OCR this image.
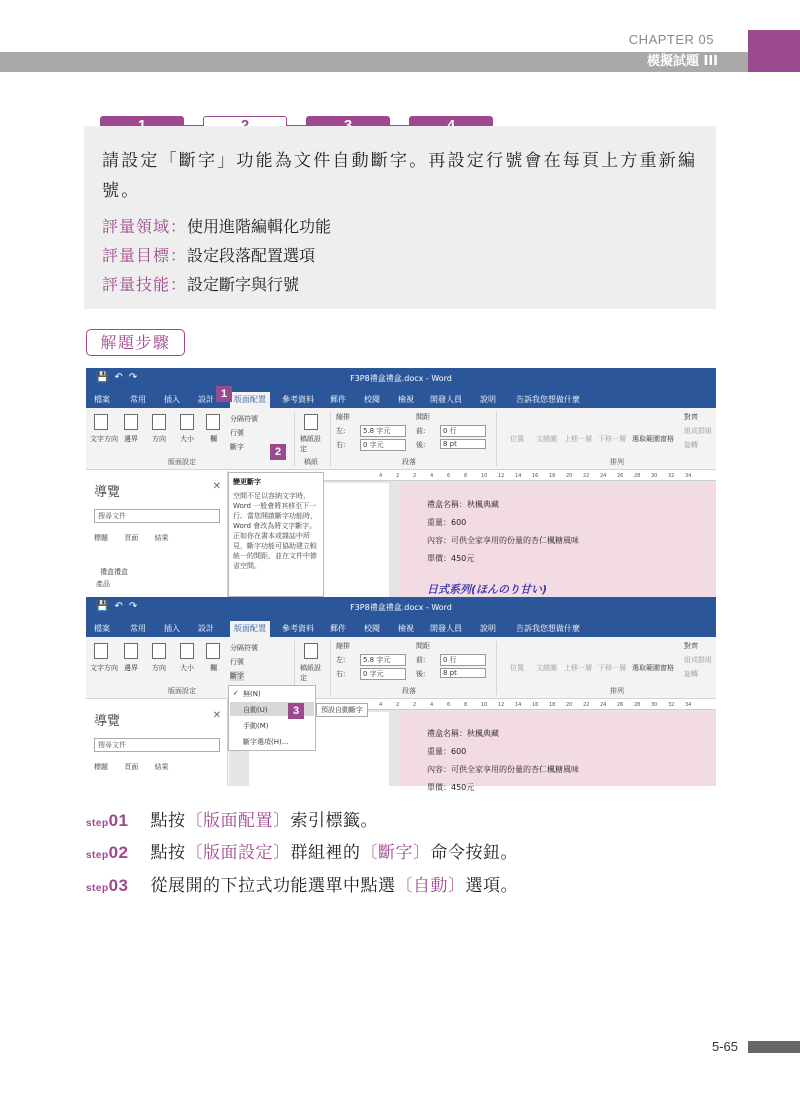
CHAPTER 05
模擬試題 III
請設定「斷字」功能為文件自動斷字。再設定行號會在每頁上方重新編號。
評量領域：使用進階編輯化功能
評量目標：設定段落配置選項
評量技能：設定斷字與行號
解題步驟
💾↶↷	F3P8禮盒禮盒.docx - Word
檔案	常用 插入 設計	版面配置	參考資料 郵件 校閱 檢視 開發人員 說明	告訴我您想做什麼
文字方向 邊界 方向 大小 欄
分隔符號
行號
斷字
版面設定
稿紙設定
稿紙
縮排
左:	5.8 字元
右:	0 字元
間距
前:	0 行
後:	8 pt
段落
位置 文繞圖 上移一層 下移一層 選取範圍窗格
排列
對齊
組成群組
旋轉
導覽	✕
搜尋文件
標題 頁面 結果
禮盒禮盒
產品
4	2	2	4	6	8	10 12 14 16 18 20 22 24 26 28 30 32 34
禮盒名稱：秋楓典藏
重量：600
內容：可供全家享用的份量的杏仁楓糖風味
單價：450元
日式系列(ほんのり甘い)
變更斷字
空間不足以容納文字時，Word 一般會將其移至下一行。當您開啟斷字功能時，Word 會改為將文字斷字。正如你在書本或雜誌中所見，斷字功能可協助建立較統一的間距，並在文件中節省空間。
1
2
💾↶↷	F3P8禮盒禮盒.docx - Word
檔案	常用 插入 設計	版面配置	參考資料 郵件 校閱 檢視 開發人員 說明	告訴我您想做什麼
文字方向 邊界 方向 大小 欄
分隔符號
行號
斷字
版面設定
稿紙設定
縮排
左:	5.8 字元
右:	0 字元
間距
前:	0 行
後:	8 pt
段落
位置 文繞圖 上移一層 下移一層 選取範圍窗格
排列
對齊
組成群組
旋轉
導覽	✕
搜尋文件
標題 頁面 結果
4	2	2	4	6	8	10 12 14 16 18 20 22 24 26 28 30 32 34
禮盒名稱：秋楓典藏
重量：600
內容：可供全家享用的份量的杏仁楓糖風味
單價：450元
✓ 無(N)
自動(U)
手動(M)
斷字選項(H)...
預設自動斷字
3
step01 點按〔版面配置〕索引標籤。
step02 點按〔版面設定〕群組裡的〔斷字〕命令按鈕。
step03 從展開的下拉式功能選單中點選〔自動〕選項。
5-65
